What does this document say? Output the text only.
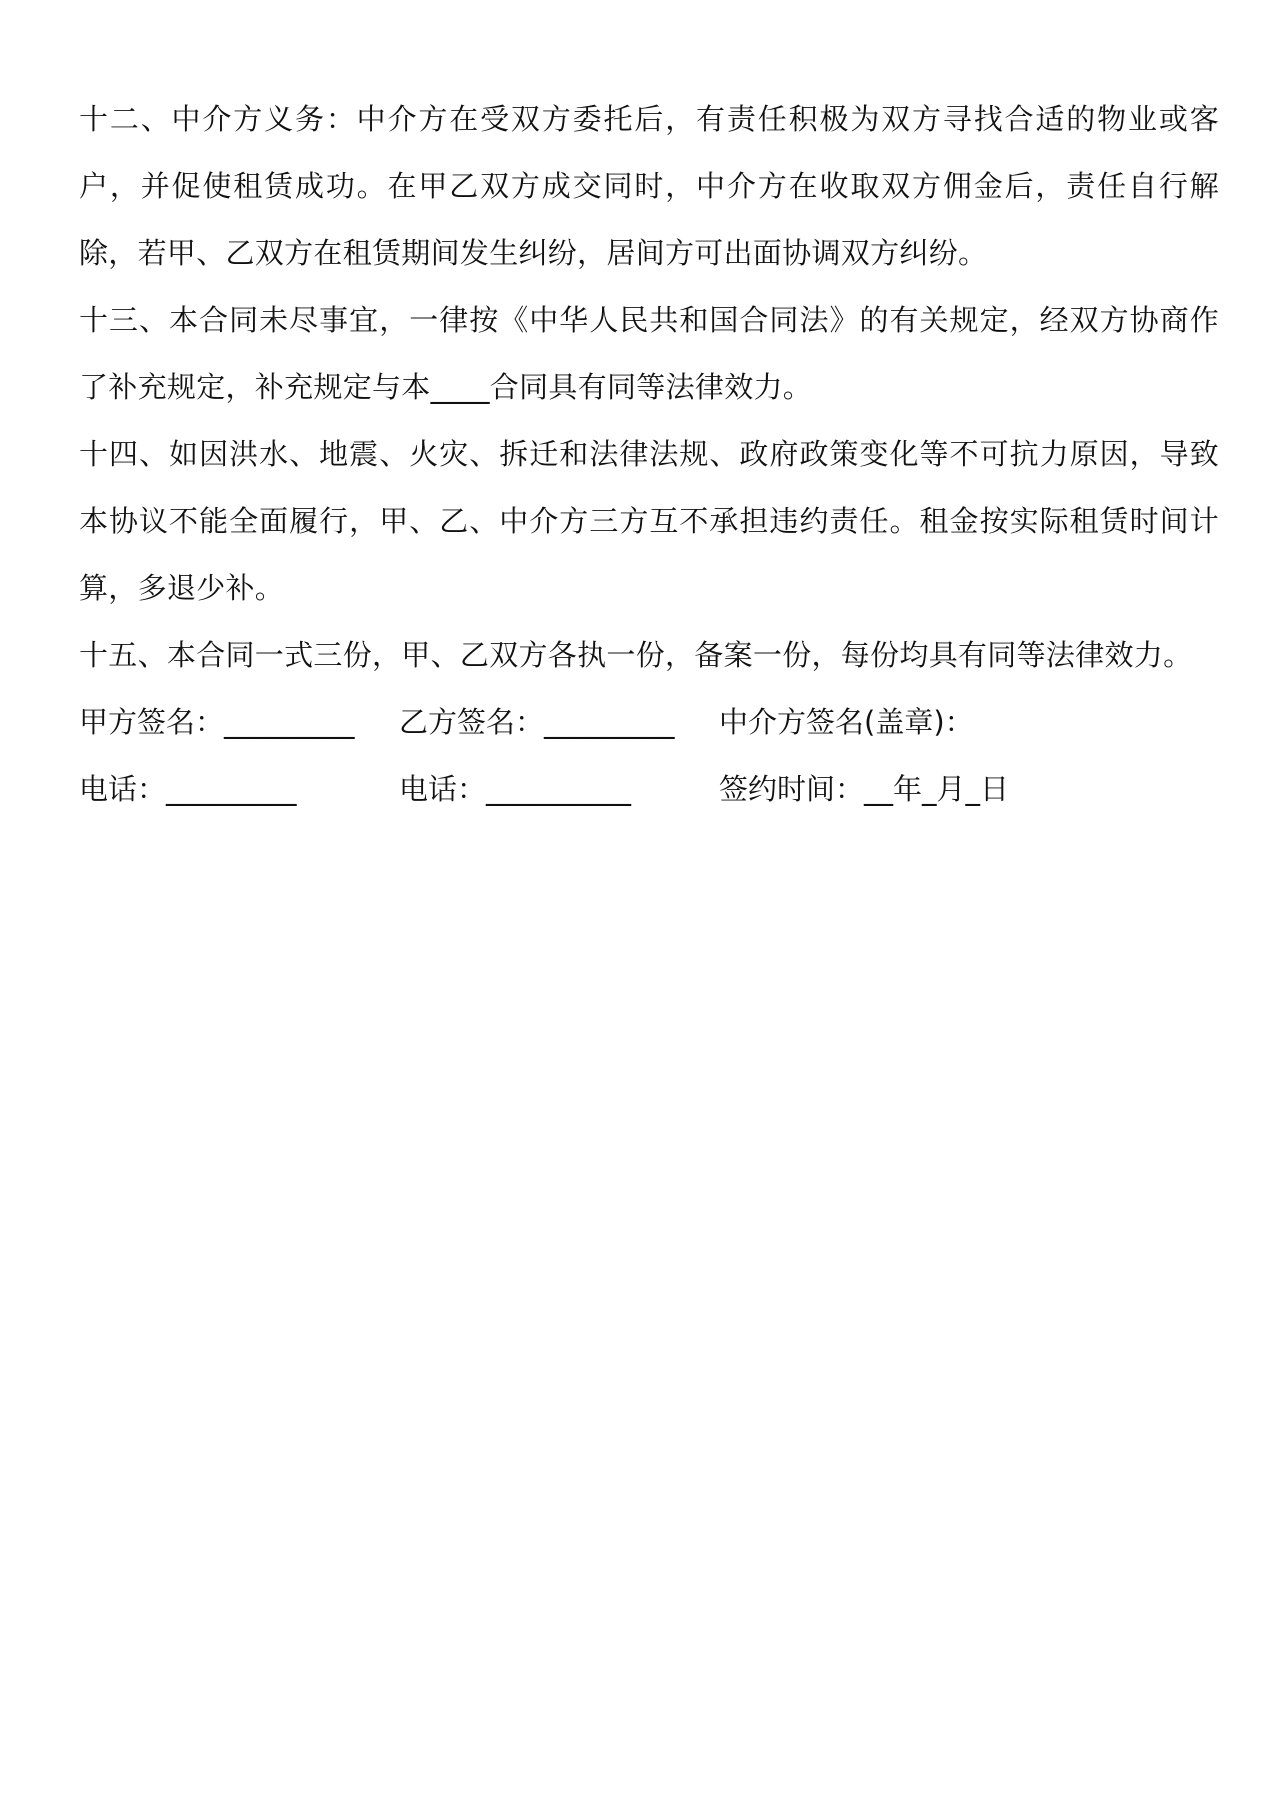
十二、中介方义务：中介方在受双方委托后，有责任积极为双方寻找合适的物业或客户，并促使租赁成功。在甲乙双方成交同时，中介方在收取双方佣金后，责任自行解除，若甲、乙双方在租赁期间发生纠纷，居间方可出面协调双方纠纷。

十三、本合同未尽事宜，一律按《中华人民共和国合同法》的有关规定，经双方协商作了补充规定，补充规定与本____合同具有同等法律效力。

十四、如因洪水、地震、火灾、拆迁和法律法规、政府政策变化等不可抗力原因，导致本协议不能全面履行，甲、乙、中介方三方互不承担违约责任。租金按实际租赁时间计算，多退少补。

十五、本合同一式三份，甲、乙双方各执一份，备案一份，每份均具有同等法律效力。

甲方签名：_________	乙方签名：_________	中介方签名(盖章)：
电话：_________	电话：__________	签约时间：__年_月_日
